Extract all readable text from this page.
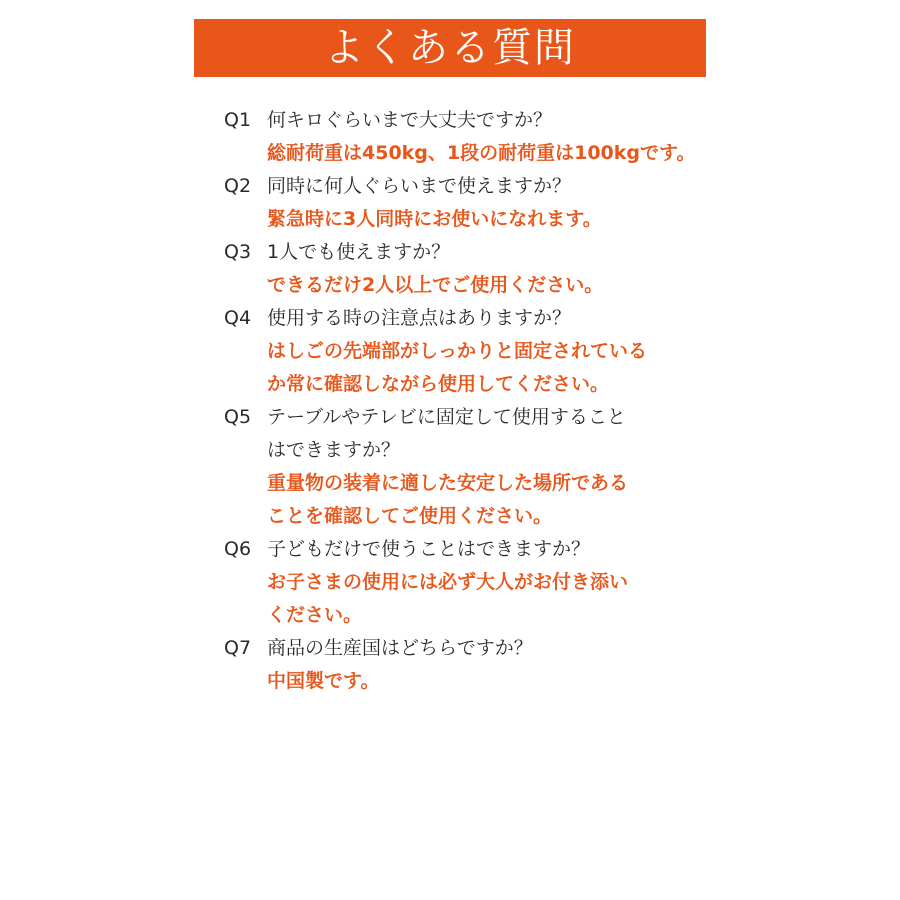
よくある質問
Q1 何キロぐらいまで大丈夫ですか？
総耐荷重は450kg、1段の耐荷重は100kgです。
Q2 同時に何人ぐらいまで使えますか？
緊急時に3人同時にお使いになれます。
Q3 1人でも使えますか？
できるだけ2人以上でご使用ください。
Q4 使用する時の注意点はありますか？
はしごの先端部がしっかりと固定されている
か常に確認しながら使用してください。
Q5 テーブルやテレビに固定して使用すること
はできますか？
重量物の装着に適した安定した場所である
ことを確認してご使用ください。
Q6 子どもだけで使うことはできますか？
お子さまの使用には必ず大人がお付き添い
ください。
Q7 商品の生産国はどちらですか？
中国製です。
